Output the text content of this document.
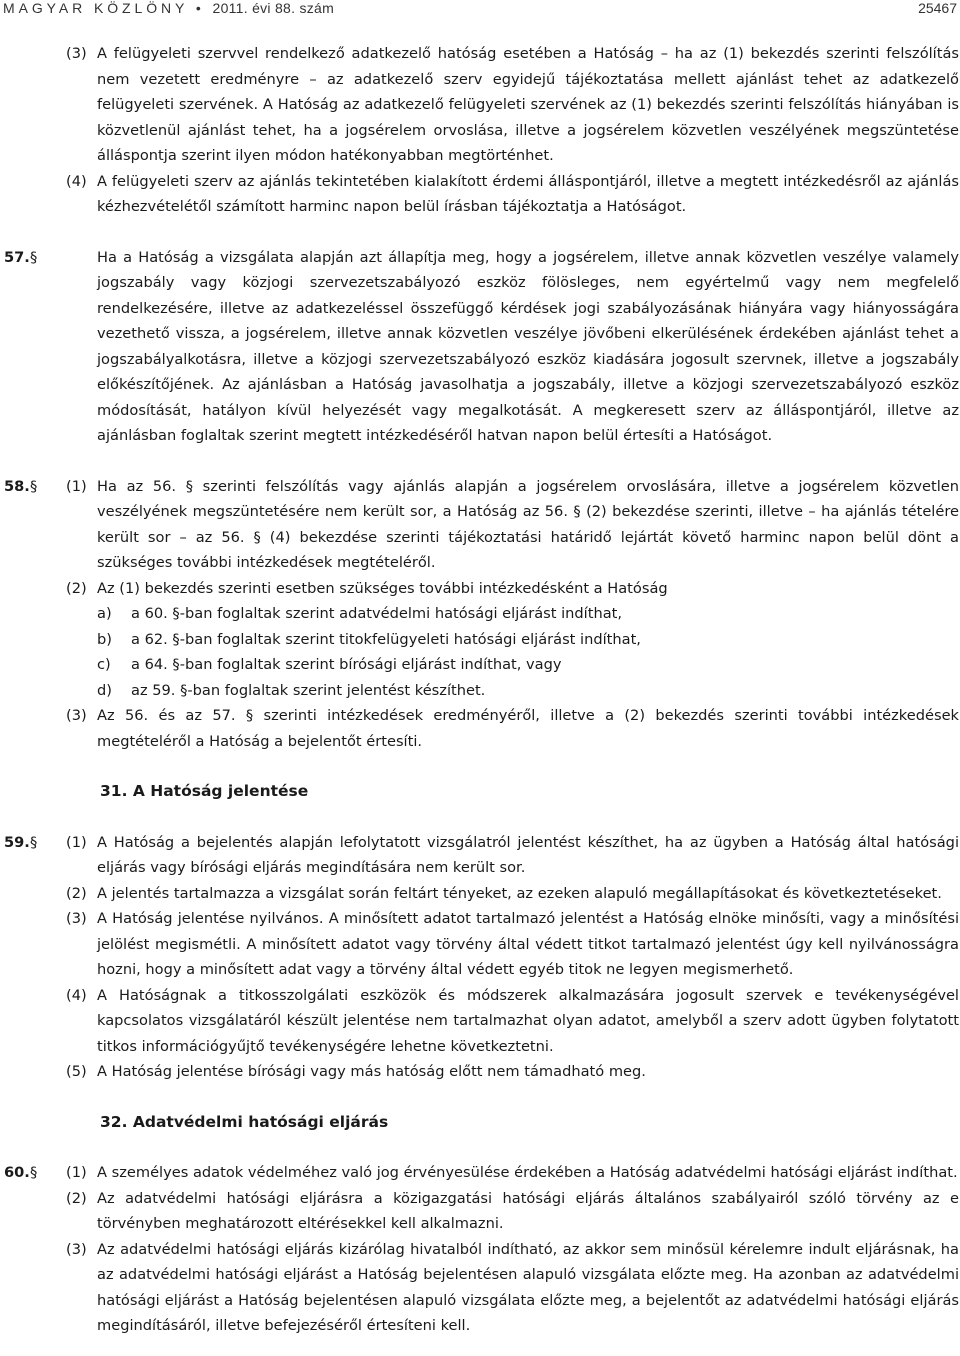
MAGYAR KÖZLÖNY • 2011. évi 88. szám	25467
(3) A felügyeleti szervvel rendelkező adatkezelő hatóság esetében a Hatóság – ha az (1) bekezdés szerinti felszólítás nem vezetett eredményre – az adatkezelő szerv egyidejű tájékoztatása mellett ajánlást tehet az adatkezelő felügyeleti szervének. A Hatóság az adatkezelő felügyeleti szervének az (1) bekezdés szerinti felszólítás hiányában is közvetlenül ajánlást tehet, ha a jogsérelem orvoslása, illetve a jogsérelem közvetlen veszélyének megszüntetése álláspontja szerint ilyen módon hatékonyabban megtörténhet.
(4) A felügyeleti szerv az ajánlás tekintetében kialakított érdemi álláspontjáról, illetve a megtett intézkedésről az ajánlás kézhezvételétől számított harminc napon belül írásban tájékoztatja a Hatóságot.
57. §	Ha a Hatóság a vizsgálata alapján azt állapítja meg, hogy a jogsérelem, illetve annak közvetlen veszélye valamely jogszabály vagy közjogi szervezetszabályozó eszköz fölösleges, nem egyértelmű vagy nem megfelelő rendelkezésére, illetve az adatkezeléssel összefüggő kérdések jogi szabályozásának hiányára vagy hiányosságára vezethető vissza, a jogsérelem, illetve annak közvetlen veszélye jövőbeni elkerülésének érdekében ajánlást tehet a jogszabályalkotásra, illetve a közjogi szervezetszabályozó eszköz kiadására jogosult szervnek, illetve a jogszabály előkészítőjének. Az ajánlásban a Hatóság javasolhatja a jogszabály, illetve a közjogi szervezetszabályozó eszköz módosítását, hatályon kívül helyezését vagy megalkotását. A megkeresett szerv az álláspontjáról, illetve az ajánlásban foglaltak szerint megtett intézkedéséről hatvan napon belül értesíti a Hatóságot.
58. § (1) Ha az 56. § szerinti felszólítás vagy ajánlás alapján a jogsérelem orvoslására, illetve a jogsérelem közvetlen veszélyének megszüntetésére nem került sor, a Hatóság az 56. § (2) bekezdése szerinti, illetve – ha ajánlás tételére került sor – az 56. § (4) bekezdése szerinti tájékoztatási határidő lejártát követő harminc napon belül dönt a szükséges további intézkedések megtételéről.
(2) Az (1) bekezdés szerinti esetben szükséges további intézkedésként a Hatóság
a) a 60. §-ban foglaltak szerint adatvédelmi hatósági eljárást indíthat,
b) a 62. §-ban foglaltak szerint titokfelügyeleti hatósági eljárást indíthat,
c) a 64. §-ban foglaltak szerint bírósági eljárást indíthat, vagy
d) az 59. §-ban foglaltak szerint jelentést készíthet.
(3) Az 56. és az 57. § szerinti intézkedések eredményéről, illetve a (2) bekezdés szerinti további intézkedések megtételéről a Hatóság a bejelentőt értesíti.
31. A Hatóság jelentése
59. § (1) A Hatóság a bejelentés alapján lefolytatott vizsgálatról jelentést készíthet, ha az ügyben a Hatóság által hatósági eljárás vagy bírósági eljárás megindítására nem került sor.
(2) A jelentés tartalmazza a vizsgálat során feltárt tényeket, az ezeken alapuló megállapításokat és következtetéseket.
(3) A Hatóság jelentése nyilvános. A minősített adatot tartalmazó jelentést a Hatóság elnöke minősíti, vagy a minősítési jelölést megismétli. A minősített adatot vagy törvény által védett titkot tartalmazó jelentést úgy kell nyilvánosságra hozni, hogy a minősített adat vagy a törvény által védett egyéb titok ne legyen megismerhető.
(4) A Hatóságnak a titkosszolgálati eszközök és módszerek alkalmazására jogosult szervek e tevékenységével kapcsolatos vizsgálatáról készült jelentése nem tartalmazhat olyan adatot, amelyből a szerv adott ügyben folytatott titkos információgyűjtő tevékenységére lehetne következtetni.
(5) A Hatóság jelentése bírósági vagy más hatóság előtt nem támadható meg.
32. Adatvédelmi hatósági eljárás
60. § (1) A személyes adatok védelméhez való jog érvényesülése érdekében a Hatóság adatvédelmi hatósági eljárást indíthat.
(2) Az adatvédelmi hatósági eljárásra a közigazgatási hatósági eljárás általános szabályairól szóló törvény az e törvényben meghatározott eltérésekkel kell alkalmazni.
(3) Az adatvédelmi hatósági eljárás kizárólag hivatalból indítható, az akkor sem minősül kérelemre indult eljárásnak, ha az adatvédelmi hatósági eljárást a Hatóság bejelentésen alapuló vizsgálata előzte meg. Ha azonban az adatvédelmi hatósági eljárást a Hatóság bejelentésen alapuló vizsgálata előzte meg, a bejelentőt az adatvédelmi hatósági eljárás megindításáról, illetve befejezéséről értesíteni kell.
